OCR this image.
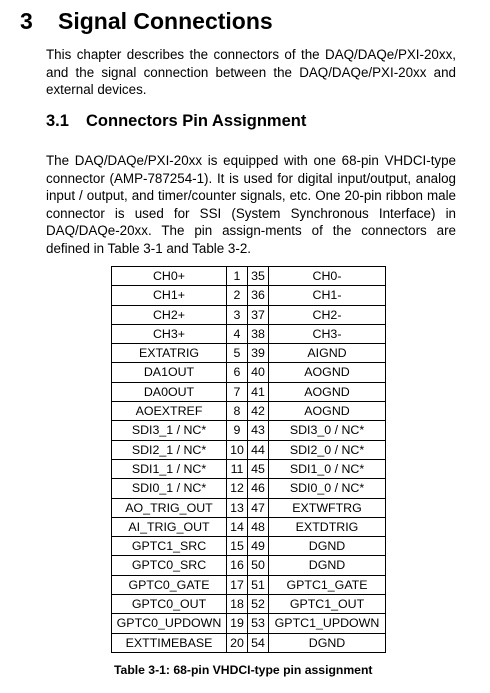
3 Signal Connections

This chapter describes the connectors of the DAQ/DAQe/PXI-20xx, and the signal connection between the DAQ/DAQe/PXI-20xx and external devices.

3.1 Connectors Pin Assignment

The DAQ/DAQe/PXI-20xx is equipped with one 68-pin VHDCI-type connector (AMP-787254-1). It is used for digital input/output, analog input / output, and timer/counter signals, etc. One 20-pin ribbon male connector is used for SSI (System Synchronous Interface) in DAQ/DAQe-20xx. The pin assign-ments of the connectors are defined in Table 3-1 and Table 3-2.

CH0+	1	35	CH0-
CH1+	2	36	CH1-
CH2+	3	37	CH2-
CH3+	4	38	CH3-
EXTATRIG	5	39	AIGND
DA1OUT	6	40	AOGND
DA0OUT	7	41	AOGND
AOEXTREF	8	42	AOGND
SDI3_1 / NC*	9	43	SDI3_0 / NC*
SDI2_1 / NC*	10	44	SDI2_0 / NC*
SDI1_1 / NC*	11	45	SDI1_0 / NC*
SDI0_1 / NC*	12	46	SDI0_0 / NC*
AO_TRIG_OUT	13	47	EXTWFTRG
AI_TRIG_OUT	14	48	EXTDTRIG
GPTC1_SRC	15	49	DGND
GPTC0_SRC	16	50	DGND
GPTC0_GATE	17	51	GPTC1_GATE
GPTC0_OUT	18	52	GPTC1_OUT
GPTC0_UPDOWN	19	53	GPTC1_UPDOWN
EXTTIMEBASE	20	54	DGND

Table 3-1: 68-pin VHDCI-type pin assignment
